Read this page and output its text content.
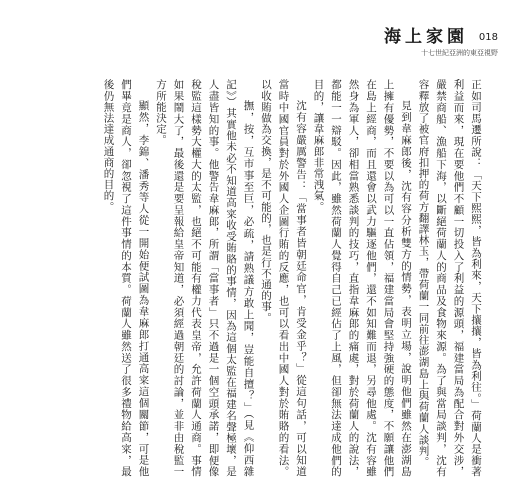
海上家園 018
十七世紀亞洲的東亞視野

正如司馬遷所說：「天下熙熙，皆為利來，天下攘攘，皆為利往。」荷蘭人是衝著利益而來，現在要他們不顧一切投入了利益的源頭，福建當局為配合對外交涉，嚴禁商船、漁船下海，以斷絕荷蘭人的商品及食物來源。為了與當局談判，沈有容釋放了被官府扣押的荷方翻譯林玉，帶荷蘭一同前往澎湖島上與荷蘭人談判。

見到韋麻郎後，沈有容分析雙方的情勢，表明立場，說明他們雖然在澎湖島上擁有優勢，不要以為可以一直佔領，福建當局會堅持強硬的態度，不願讓他們在島上經商，而且還會以武力驅逐他們，還不如知難而退，另尋他處。沈有容雖然身為軍人，卻相當熟悉談判的技巧，直指韋麻郎的痛處，對於荷蘭人的說法，都能一一辯駁。因此，雖然荷蘭人覺得自己已經佔了上風，但卻無法達成他們的目的，讓韋麻郎非常洩氣。

沈有容嚴厲警告：「當事者皆朝廷命官，肯受金乎？」從這句話，可以知道當時中國官員對於外國人企圖行賄的反應，也可以看出中國人對於賄賂的看法。以收賄做為交換，是不可能的，也是行不通的事。

撫，按，互市事至巨，必疏，請熟議方敢上聞，豈能自擅？」（見《仰西雜記》）其實他未必不知道高寀收受賄賂的事情，因為這個太監在福建名聲極壞，是人盡皆知的事。他警告韋麻郎，所謂「當事者」只不過是一個空頭承諾，即便像稅監這樣勢大權大的太監，也絕不可能有權力代表皇帝，允許荷蘭人通商。事情如果鬧大了，最後還是要呈報給皇帝知道，必須經過朝廷的討論，並非由稅監一方所能決定。

顯然，李錦、潘秀等人從一開始便試圖為韋麻郎打通高寀這個關節，可是他們畢竟是商人，卻忽視了這件事情的本質。荷蘭人雖然送了很多禮物給高寀，最後仍無法達成通商的目的。
